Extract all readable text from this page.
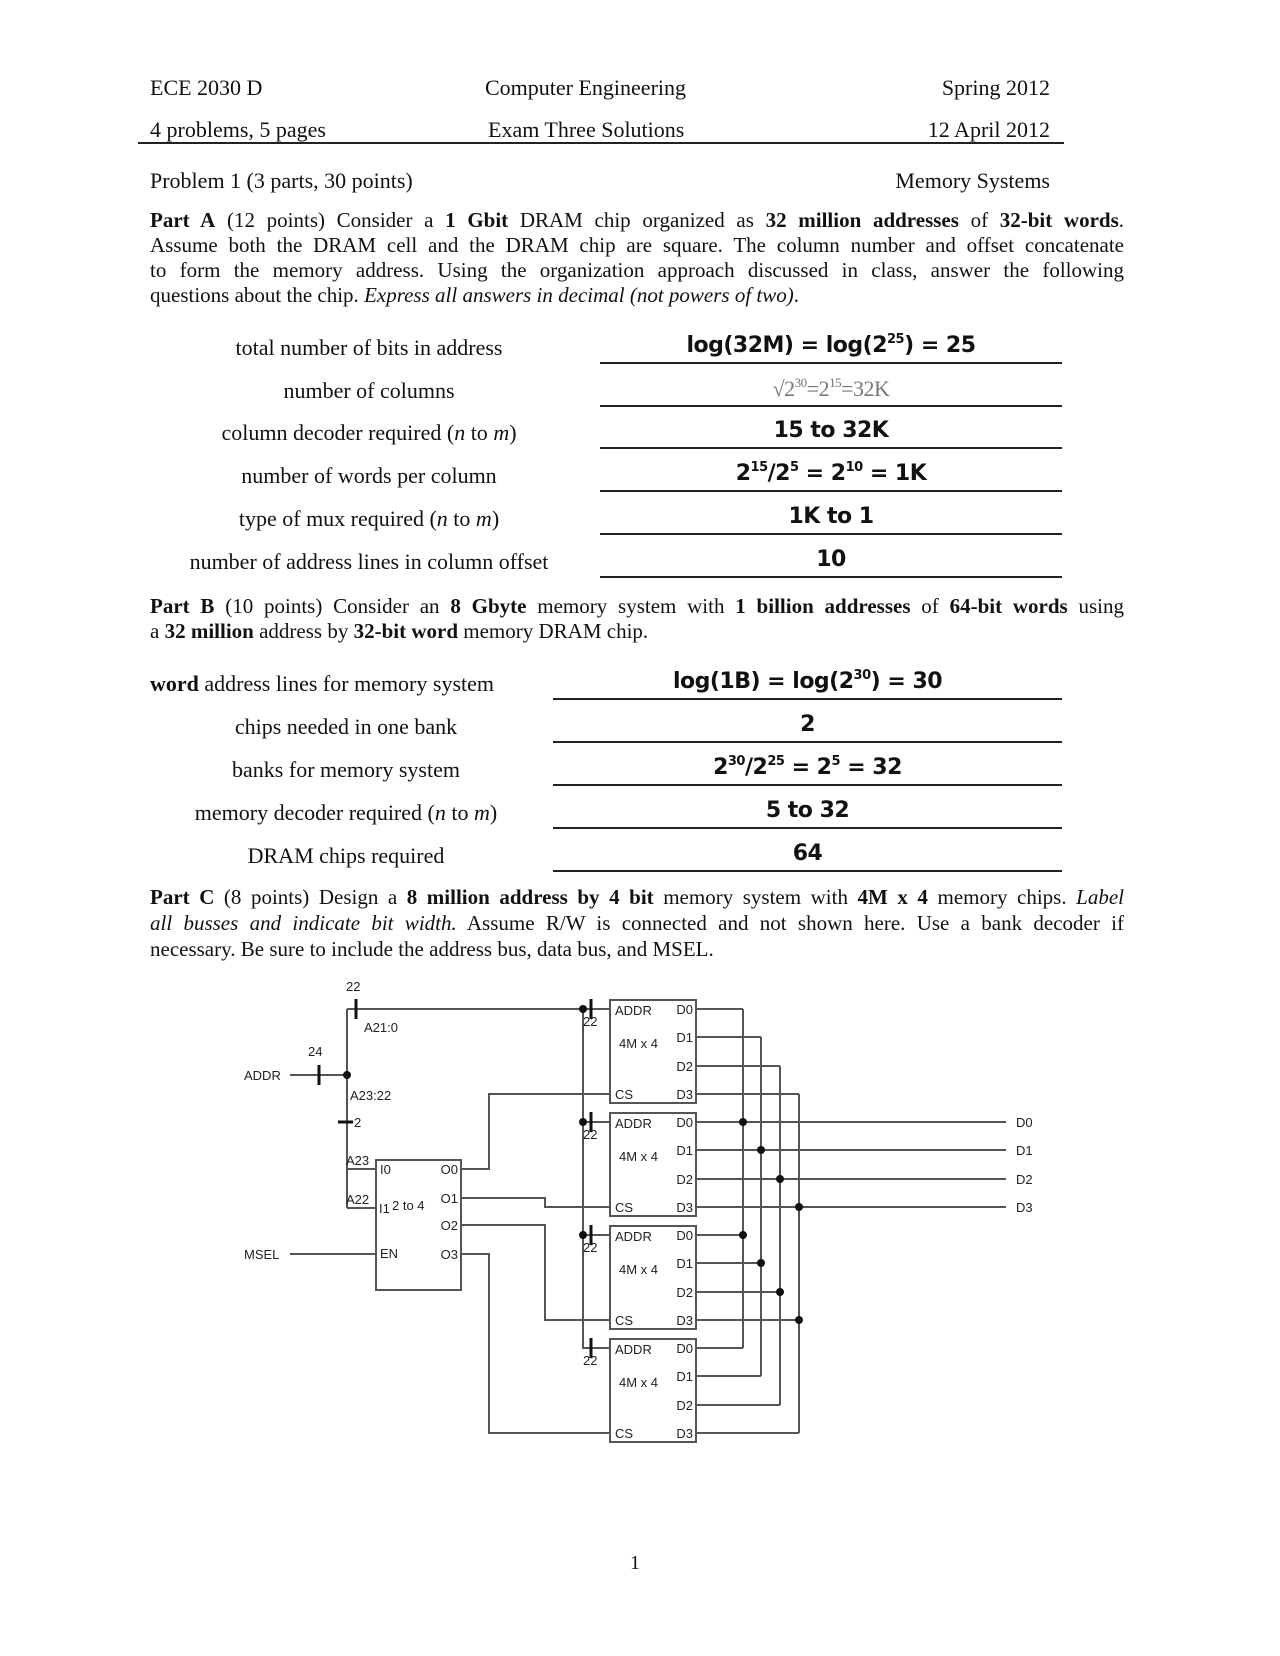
ECE 2030 D	Computer Engineering	Spring 2012
4 problems, 5 pages	Exam Three Solutions	12 April 2012
Problem 1 (3 parts, 30 points)	Memory Systems
Part A (12 points) Consider a 1 Gbit DRAM chip organized as 32 million addresses of 32-bit words.
Assume both the DRAM cell and the DRAM chip are square. The column number and offset concatenate
to form the memory address. Using the organization approach discussed in class, answer the following
questions about the chip. Express all answers in decimal (not powers of two).
total number of bits in address	$\log(32M) = \log(2^{25}) = 25$
number of columns	$√2^{30}=2^{15}=32K$
column decoder required (n to m)	15 to 32K
number of words per column	$2^{15}/2^5 = 2^{10} = 1K$
type of mux required (n to m)	1K to 1
number of address lines in column offset	10
Part B (10 points) Consider an 8 Gbyte memory system with 1 billion addresses of 64-bit words using
a 32 million address by 32-bit word memory DRAM chip.
word address lines for memory system	$\log(1B) = \log(2^{30}) = 30$
chips needed in one bank	2
banks for memory system	$2^{30}/2^{25} = 2^5 = 32$
memory decoder required (n to m)	5 to 32
DRAM chips required	64
Part C (8 points) Design a 8 million address by 4 bit memory system with 4M x 4 memory chips. Label
all busses and indicate bit width. Assume R/W is connected and not shown here. Use a bank decoder if
necessary. Be sure to include the address bus, data bus, and MSEL.
ADDR
4M x 4
CS
D0
D1
D2
D3
22
ADDR
4M x 4
CS
D0
D1
D2
D3
22
ADDR
4M x 4
CS
D0
D1
D2
D3
22
ADDR
4M x 4
CS
D0
D1
D2
D3
22
ADDR
24
22
A21:0
A23:22
2
A23
A22
MSEL
I0
I1 2 to 4
EN
O0
O1
O2
O3
D0
D1
D2
D3
1
